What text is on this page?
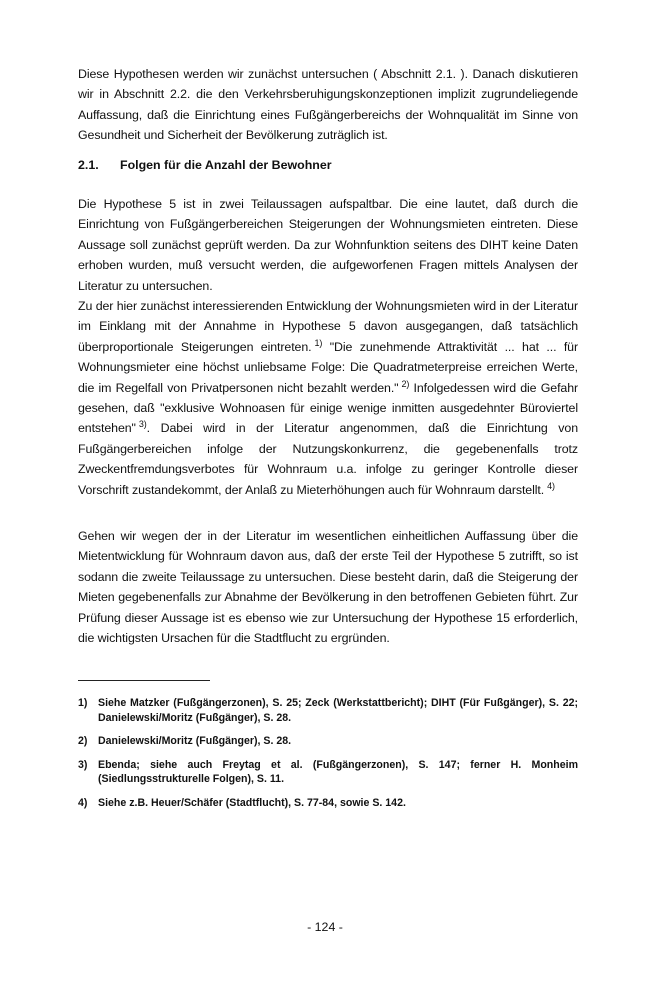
Diese Hypothesen werden wir zunächst untersuchen ( Abschnitt 2.1. ). Danach diskutieren wir in Abschnitt 2.2. die den Verkehrsberuhigungskonzeptionen implizit zugrundeliegende Auffassung, daß die Einrichtung eines Fußgängerbereichs der Wohnqualität im Sinne von Gesundheit und Sicherheit der Bevölkerung zuträglich ist.

2.1. Folgen für die Anzahl der Bewohner

Die Hypothese 5 ist in zwei Teilaussagen aufspaltbar. Die eine lautet, daß durch die Einrichtung von Fußgängerbereichen Steigerungen der Wohnungsmieten eintreten. Diese Aussage soll zunächst geprüft werden. Da zur Wohnfunktion seitens des DIHT keine Daten erhoben wurden, muß versucht werden, die aufgeworfenen Fragen mittels Analysen der Literatur zu untersuchen.

Zu der hier zunächst interessierenden Entwicklung der Wohnungsmieten wird in der Literatur im Einklang mit der Annahme in Hypothese 5 davon ausgegangen, daß tatsächlich überproportionale Steigerungen eintreten. $^{1)}$ "Die zunehmende Attraktivität ... hat ... für Wohnungsmieter eine höchst unliebsame Folge: Die Quadratmeterpreise erreichen Werte, die im Regelfall von Privatpersonen nicht bezahlt werden." $^{2)}$ Infolgedessen wird die Gefahr gesehen, daß "exklusive Wohnoasen für einige wenige inmitten ausgedehnter Büroviertel entstehen" $^{3)}$. Dabei wird in der Literatur angenommen, daß die Einrichtung von Fußgängerbereichen infolge der Nutzungskonkurrenz, die gegebenenfalls trotz Zweckentfremdungsverbotes für Wohnraum u.a. infolge zu geringer Kontrolle dieser Vorschrift zustandekommt, der Anlaß zu Mieterhöhungen auch für Wohnraum darstellt. $^{4)}$

Gehen wir wegen der in der Literatur im wesentlichen einheitlichen Auffassung über die Mietentwicklung für Wohnraum davon aus, daß der erste Teil der Hypothese 5 zutrifft, so ist sodann die zweite Teilaussage zu untersuchen. Diese besteht darin, daß die Steigerung der Mieten gegebenenfalls zur Abnahme der Bevölkerung in den betroffenen Gebieten führt. Zur Prüfung dieser Aussage ist es ebenso wie zur Untersuchung der Hypothese 15 erforderlich, die wichtigsten Ursachen für die Stadtflucht zu ergründen.

1) Siehe Matzker (Fußgängerzonen), S. 25; Zeck (Werkstattbericht); DIHT (Für Fußgänger), S. 22; Danielewski/Moritz (Fußgänger), S. 28.
2) Danielewski/Moritz (Fußgänger), S. 28.
3) Ebenda; siehe auch Freytag et al. (Fußgängerzonen), S. 147; ferner H. Monheim (Siedlungsstrukturelle Folgen), S. 11.
4) Siehe z.B. Heuer/Schäfer (Stadtflucht), S. 77-84, sowie S. 142.
- 124 -
